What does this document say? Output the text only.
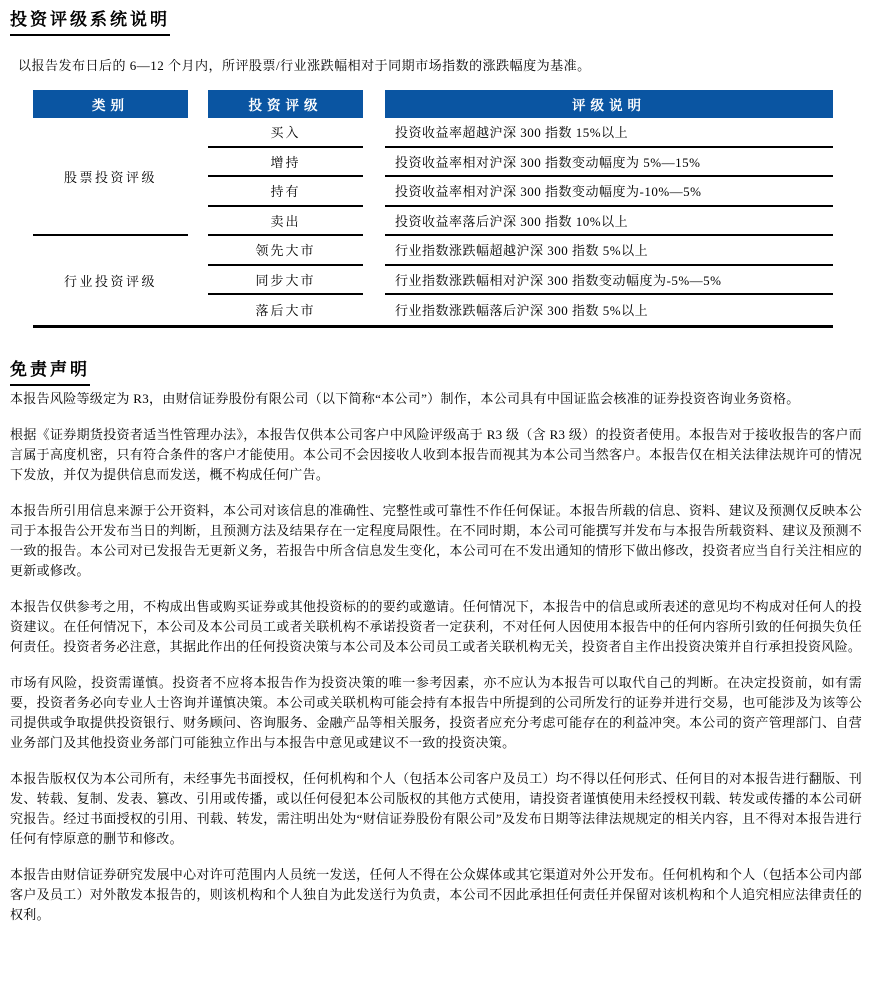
投资评级系统说明

以报告发布日后的 6—12 个月内，所评股票/行业涨跌幅相对于同期市场指数的涨跌幅度为基准。

类别	投资评级	评级说明
股票投资评级
买入	投资收益率超越沪深 300 指数 15%以上
增持	投资收益率相对沪深 300 指数变动幅度为 5%—15%
持有	投资收益率相对沪深 300 指数变动幅度为-10%—5%
卖出	投资收益率落后沪深 300 指数 10%以上
行业投资评级
领先大市	行业指数涨跌幅超越沪深 300 指数 5%以上
同步大市	行业指数涨跌幅相对沪深 300 指数变动幅度为-5%—5%
落后大市	行业指数涨跌幅落后沪深 300 指数 5%以上
免责声明

本报告风险等级定为 R3，由财信证券股份有限公司（以下简称“本公司”）制作，本公司具有中国证监会核准的证券投资咨询业务资格。

根据《证券期货投资者适当性管理办法》，本报告仅供本公司客户中风险评级高于 R3 级（含 R3 级）的投资者使用。本报告对于接收报告的客户而言属于高度机密，只有符合条件的客户才能使用。本公司不会因接收人收到本报告而视其为本公司当然客户。本报告仅在相关法律法规许可的情况下发放，并仅为提供信息而发送，概不构成任何广告。

本报告所引用信息来源于公开资料，本公司对该信息的准确性、完整性或可靠性不作任何保证。本报告所载的信息、资料、建议及预测仅反映本公司于本报告公开发布当日的判断，且预测方法及结果存在一定程度局限性。在不同时期，本公司可能撰写并发布与本报告所载资料、建议及预测不一致的报告。本公司对已发报告无更新义务，若报告中所含信息发生变化，本公司可在不发出通知的情形下做出修改，投资者应当自行关注相应的更新或修改。

本报告仅供参考之用，不构成出售或购买证券或其他投资标的的要约或邀请。任何情况下，本报告中的信息或所表述的意见均不构成对任何人的投资建议。在任何情况下，本公司及本公司员工或者关联机构不承诺投资者一定获利，不对任何人因使用本报告中的任何内容所引致的任何损失负任何责任。投资者务必注意，其据此作出的任何投资决策与本公司及本公司员工或者关联机构无关，投资者自主作出投资决策并自行承担投资风险。

市场有风险，投资需谨慎。投资者不应将本报告作为投资决策的唯一参考因素，亦不应认为本报告可以取代自己的判断。在决定投资前，如有需要，投资者务必向专业人士咨询并谨慎决策。本公司或关联机构可能会持有本报告中所提到的公司所发行的证券并进行交易，也可能涉及为该等公司提供或争取提供投资银行、财务顾问、咨询服务、金融产品等相关服务，投资者应充分考虑可能存在的利益冲突。本公司的资产管理部门、自营业务部门及其他投资业务部门可能独立作出与本报告中意见或建议不一致的投资决策。

本报告版权仅为本公司所有，未经事先书面授权，任何机构和个人（包括本公司客户及员工）均不得以任何形式、任何目的对本报告进行翻版、刊发、转载、复制、发表、篡改、引用或传播，或以任何侵犯本公司版权的其他方式使用，请投资者谨慎使用未经授权刊载、转发或传播的本公司研究报告。经过书面授权的引用、刊载、转发，需注明出处为“财信证券股份有限公司”及发布日期等法律法规规定的相关内容，且不得对本报告进行任何有悖原意的删节和修改。

本报告由财信证券研究发展中心对许可范围内人员统一发送，任何人不得在公众媒体或其它渠道对外公开发布。任何机构和个人（包括本公司内部客户及员工）对外散发本报告的，则该机构和个人独自为此发送行为负责，本公司不因此承担任何责任并保留对该机构和个人追究相应法律责任的权利。
